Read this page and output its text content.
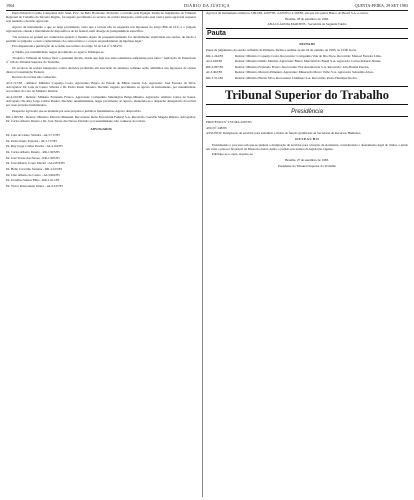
1904	DIÁRIO DA JUSTIÇA	QUINTA-FEIRA, 29 SET 1983

Paulo Eduardo Coelho Campolina Adv. Sind. Proc. de Belo Horizonte. Proferido o acórdão pela Egrégia Turma de Julgamento do Tribunal Regional do Trabalho da Terceira Região, foi negado provimento ao recurso de revista interposto, razão pela qual vem a parte agravada requerer seja mantida a decisão agravada.

Agravo de instrumento a que se nega provimento, visto que a revista não se enquadra nas hipóteses do artigo 896 da CLT, e o julgado regional não ofende a literalidade de dispositivos de lei federal, nem diverge de jurisprudência específica.

"Os recursos só podem ser conhecidos quando a matéria objeto de prequestionamento for devidamente explicitada nas razões, de modo a permitir ao julgador o exato conhecimento da controvérsia e o correto enquadramento da hipótese legal."

Fica dispensada a publicação do acórdão nos termos do artigo 52 da Lei nº 5.584/70.

A Turma, por unanimidade, negou provimento ao agravo. Publique-se.

"Poderá o Tribunal de Justiça fixar o quantum devido, desde que haja nos autos elementos suficientes para tanto." Aplicação do Enunciado nº 126 do Tribunal Superior do Trabalho.

Os recursos de revista interpostos contra decisões proferidas em execução de sentença somente serão admitidos nas hipóteses de ofensa direta à Constituição Federal.

Recurso de revista não conhecido.

AI-3.717/83 - Relator: Ministro Coqueijo Costa. Agravante: Banco do Estado de Minas Gerais S.A. Agravado: José Ferreira da Silva. Advogados: Dr. Luiz de Castro Silveira e Dr. Pedro Paulo Teixeira. Decisão: negado provimento ao agravo de instrumento, por unanimidade, nos termos do voto do Ministro Relator.

AI-4.102/83 - Relator: Ministro Fernando Franco. Agravante: Companhia Siderúrgica Belgo-Mineira. Agravado: Antônio Carlos de Souza. Advogado: Dr. Ruy Jorge Caldas Pereira. Decisão: unanimemente, negar provimento ao agravo, mantendo-se o despacho denegatório da revista por seus próprios fundamentos.

Despacho agravado que se mantém por seus próprios e jurídicos fundamentos. Agravo desprovido.

RR-1.905/83 - Relator: Ministro Marcelo Pimentel. Recorrente: Rede Ferroviária Federal S.A. Recorrido: Geraldo Magela Ribeiro. Advogados: Dr. Carlos Alberto Duarte e Dr. José Torres das Neves. Decisão: por unanimidade, não conhecer da revista.

ADVOGADOS

Dr. Luiz de Castro Silveira - AI-3.717/83

Dr. Pedro Paulo Teixeira - AI-3.717/83

Dr. Ruy Jorge Caldas Pereira - AI-4.102/83

Dr. Carlos Alberto Duarte - RR-1.905/83

Dr. José Torres das Neves - RR-1.905/83

Dr. José Alberto Couto Maciel - AI-2.874/83

Dr. Hélio Carvalho Santana - RR-2.015/83

Dr. Lino Alberto de Castro - AI-3.902/83

Dr. Ursulino Santos Filho - RR-1.611/83

Dr. Victor Russomano Júnior - AI-4.337/83

Agravos de Instrumento números 3.891/83, 4.007/83, 4.225/83 e 4.318/83, em que são partes Banco do Brasil S.A. e outros.

Brasília, 28 de setembro de 1983.

ANA CLÁUDIA MARTINS - Secretária da Segunda Turma

Pauta

PAUTA III

Pauta de julgamento da sessão ordinária da Primeira Turma a realizar-se em 04 de outubro de 1983, às 13:00 horas.

RR-1.244/83	Relator: Ministro Coqueijo Costa. Recorrente: Companhia Vale do Rio Doce. Recorrido: Manoel Ferreira Lima.
AI-2.918/83	Relator: Ministro Ildélio Martins. Agravante: Banco Mercantil do Brasil S.A. Agravado: Carlos Roberto Nunes.
RR-3.067/83	Relator: Ministro Fernando Franco. Recorrente: Fiat Automóveis S.A. Recorrido: João Batista Pereira.
AI-3.402/83	Relator: Ministro Marcelo Pimentel. Agravante: Mineração Morro Velho S.A. Agravado: Sebastião Alves.
RR-3.551/83	Relator: Ministro Barata Silva. Recorrente: Usiminas S.A. Recorrido: Pedro Henrique Rocha.
Tribunal Superior do Trabalho
Presidência

PROCESSO Nº TST-MA-0187/83

ATO Nº 248/83

ASSUNTO: Designação de servidor para substituir o titular de função gratificada da Secretaria de Recursos Humanos.

D E S P A C H O

Examinando o processo em que se pleiteia a designação de servidor para a função de Assistente, considerando o afastamento legal do titular, e tendo em vista o parecer favorável da Diretoria-Geral, defiro o pedido nos termos da legislação vigente.

Publique-se e, após, arquive-se.

Brasília, 27 de setembro de 1983.

Presidente do Tribunal Superior do Trabalho
